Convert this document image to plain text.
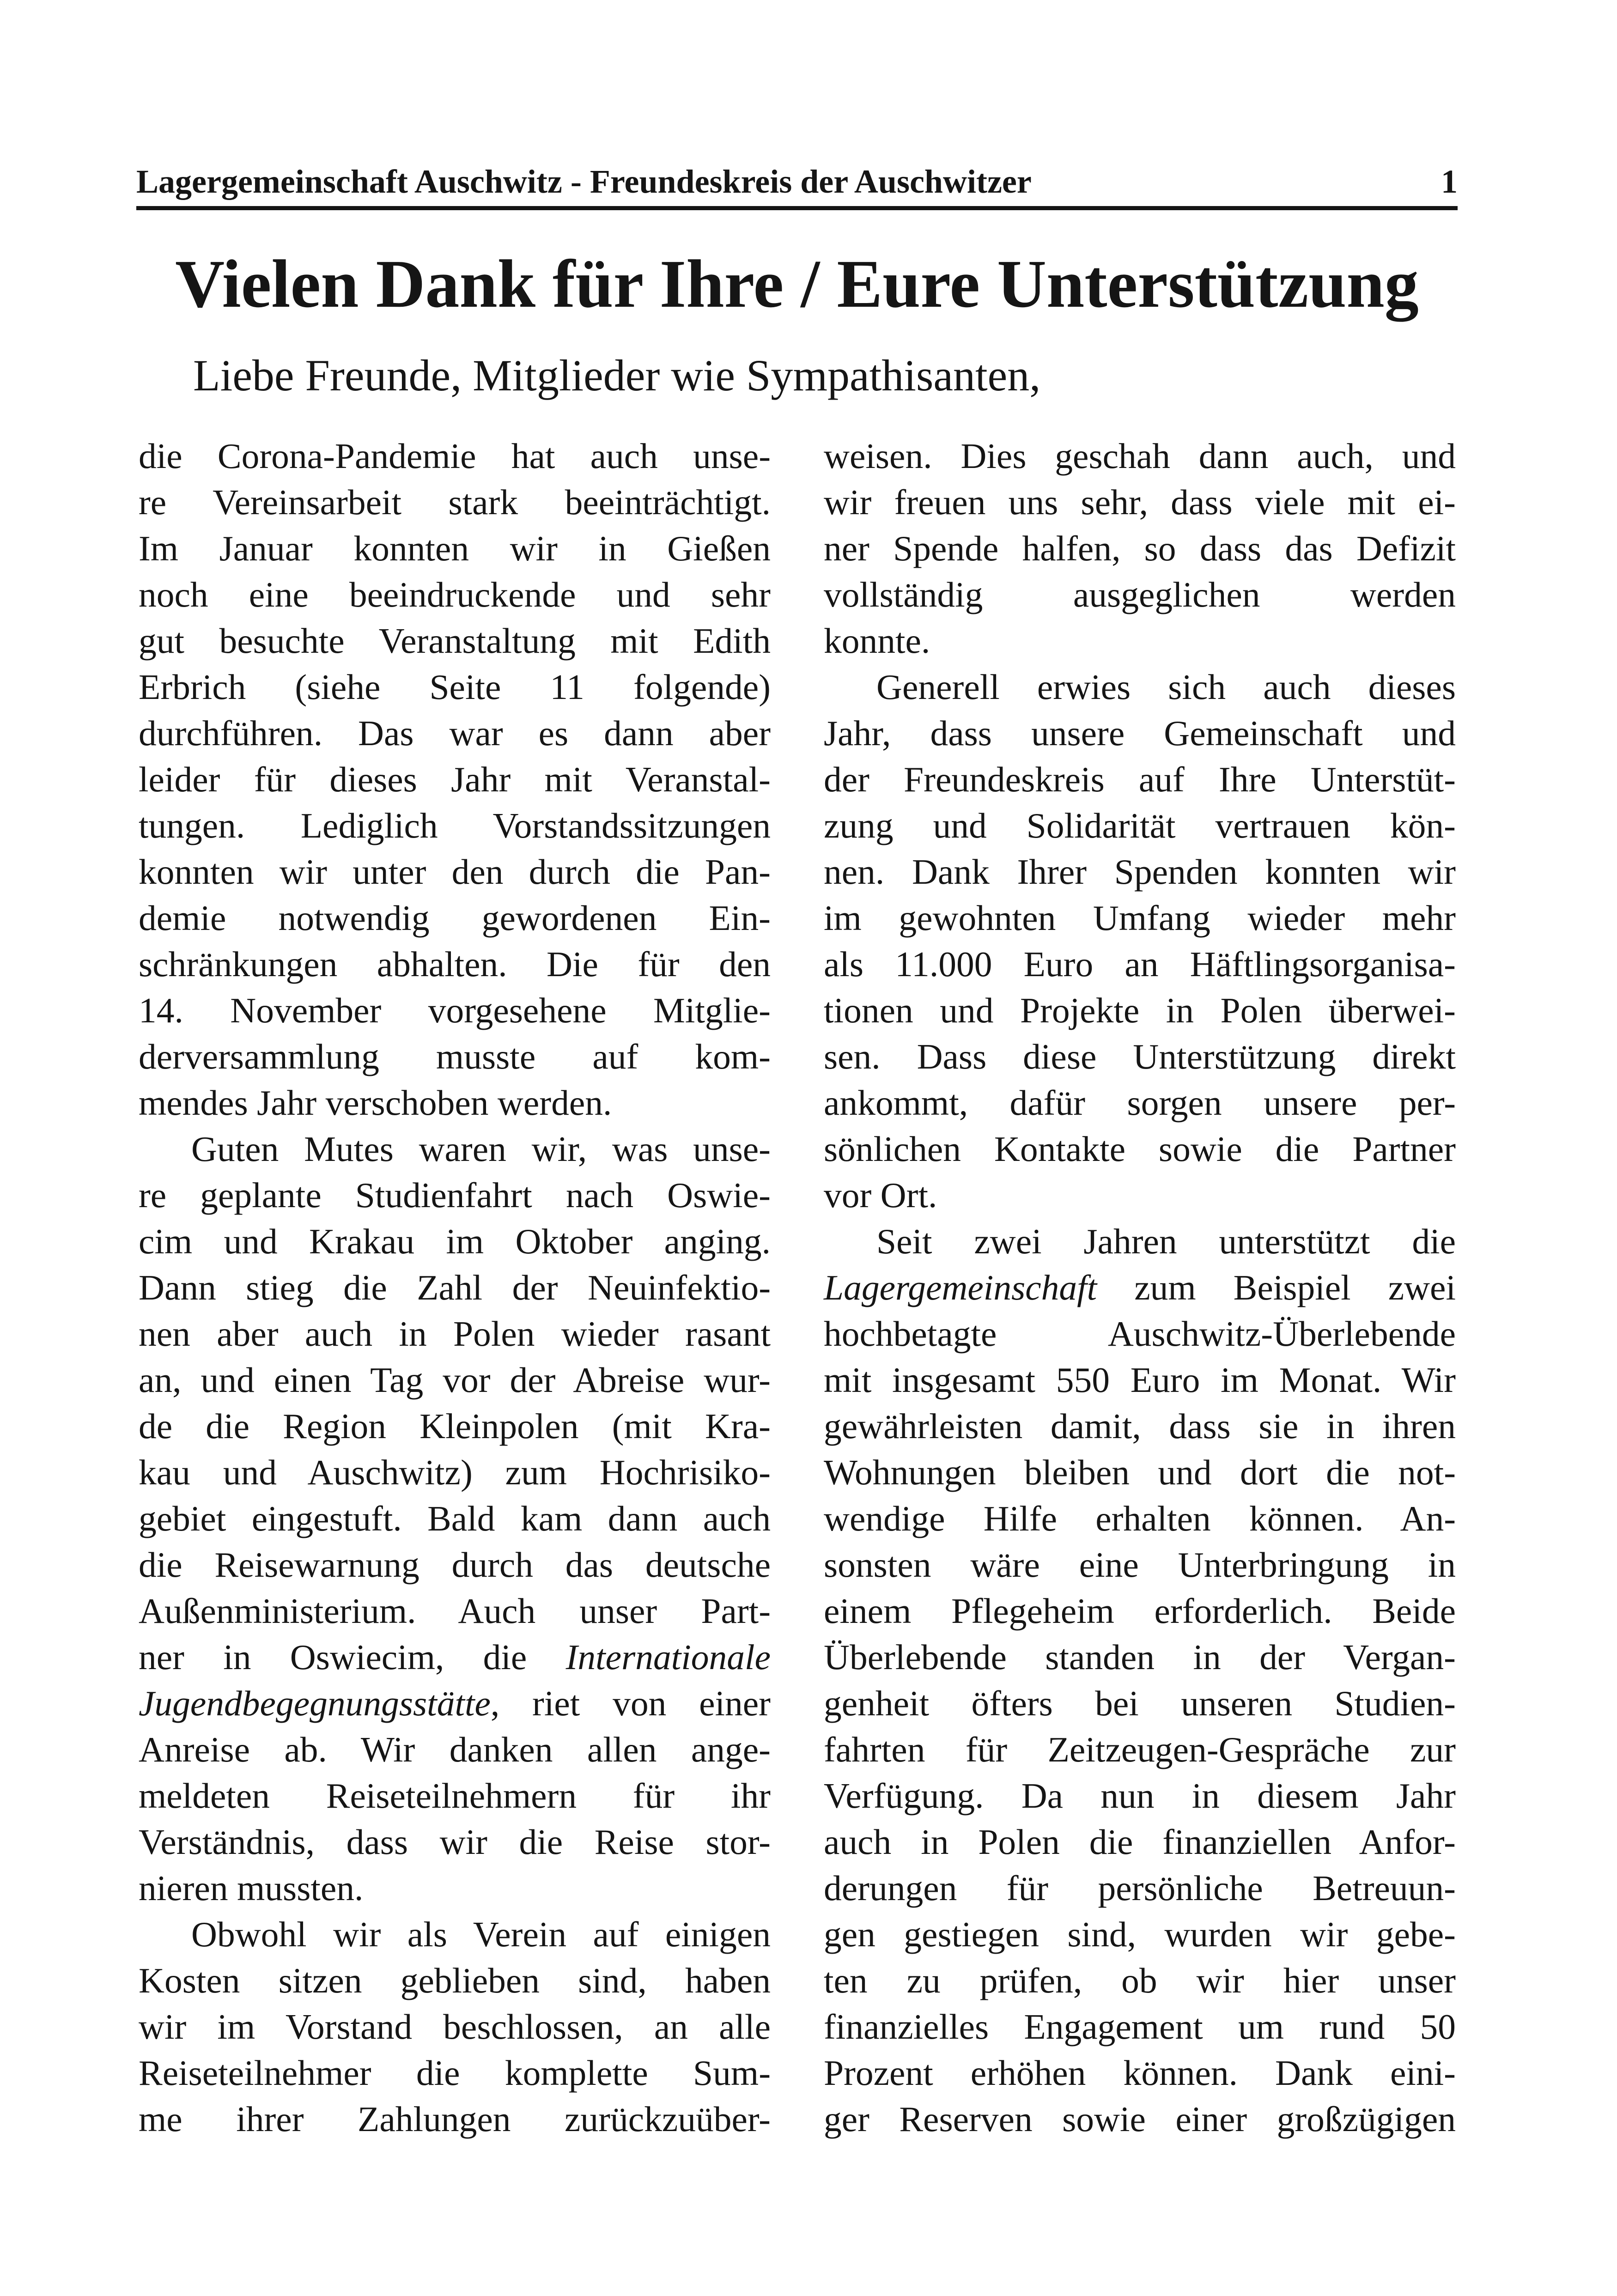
Lagergemeinschaft Auschwitz - Freundeskreis der Auschwitzer	1
Vielen Dank für Ihre / Eure Unterstützung
Liebe Freunde, Mitglieder wie Sympathisanten,
die Corona-Pandemie hat auch unse-
re Vereinsarbeit stark beeinträchtigt.
Im Januar konnten wir in Gießen
noch eine beeindruckende und sehr
gut besuchte Veranstaltung mit Edith
Erbrich (siehe Seite 11 folgende)
durchführen. Das war es dann aber
leider für dieses Jahr mit Veranstal-
tungen. Lediglich Vorstandssitzungen
konnten wir unter den durch die Pan-
demie notwendig gewordenen Ein-
schränkungen abhalten. Die für den
14. November vorgesehene Mitglie-
derversammlung musste auf kom-
mendes Jahr verschoben werden.
Guten Mutes waren wir, was unse-
re geplante Studienfahrt nach Oswie-
cim und Krakau im Oktober anging.
Dann stieg die Zahl der Neuinfektio-
nen aber auch in Polen wieder rasant
an, und einen Tag vor der Abreise wur-
de die Region Kleinpolen (mit Kra-
kau und Auschwitz) zum Hochrisiko-
gebiet eingestuft. Bald kam dann auch
die Reisewarnung durch das deutsche
Außenministerium. Auch unser Part-
ner in Oswiecim, die Internationale
Jugendbegegnungsstätte, riet von einer
Anreise ab. Wir danken allen ange-
meldeten Reiseteilnehmern für ihr
Verständnis, dass wir die Reise stor-
nieren mussten.
Obwohl wir als Verein auf einigen
Kosten sitzen geblieben sind, haben
wir im Vorstand beschlossen, an alle
Reiseteilnehmer die komplette Sum-
me ihrer Zahlungen zurückzuüber-
weisen. Dies geschah dann auch, und
wir freuen uns sehr, dass viele mit ei-
ner Spende halfen, so dass das Defizit
vollständig ausgeglichen werden
konnte.
Generell erwies sich auch dieses
Jahr, dass unsere Gemeinschaft und
der Freundeskreis auf Ihre Unterstüt-
zung und Solidarität vertrauen kön-
nen. Dank Ihrer Spenden konnten wir
im gewohnten Umfang wieder mehr
als 11.000 Euro an Häftlingsorganisa-
tionen und Projekte in Polen überwei-
sen. Dass diese Unterstützung direkt
ankommt, dafür sorgen unsere per-
sönlichen Kontakte sowie die Partner
vor Ort.
Seit zwei Jahren unterstützt die
Lagergemeinschaft zum Beispiel zwei
hochbetagte Auschwitz-Überlebende
mit insgesamt 550 Euro im Monat. Wir
gewährleisten damit, dass sie in ihren
Wohnungen bleiben und dort die not-
wendige Hilfe erhalten können. An-
sonsten wäre eine Unterbringung in
einem Pflegeheim erforderlich. Beide
Überlebende standen in der Vergan-
genheit öfters bei unseren Studien-
fahrten für Zeitzeugen-Gespräche zur
Verfügung. Da nun in diesem Jahr
auch in Polen die finanziellen Anfor-
derungen für persönliche Betreuun-
gen gestiegen sind, wurden wir gebe-
ten zu prüfen, ob wir hier unser
finanzielles Engagement um rund 50
Prozent erhöhen können. Dank eini-
ger Reserven sowie einer großzügigen
